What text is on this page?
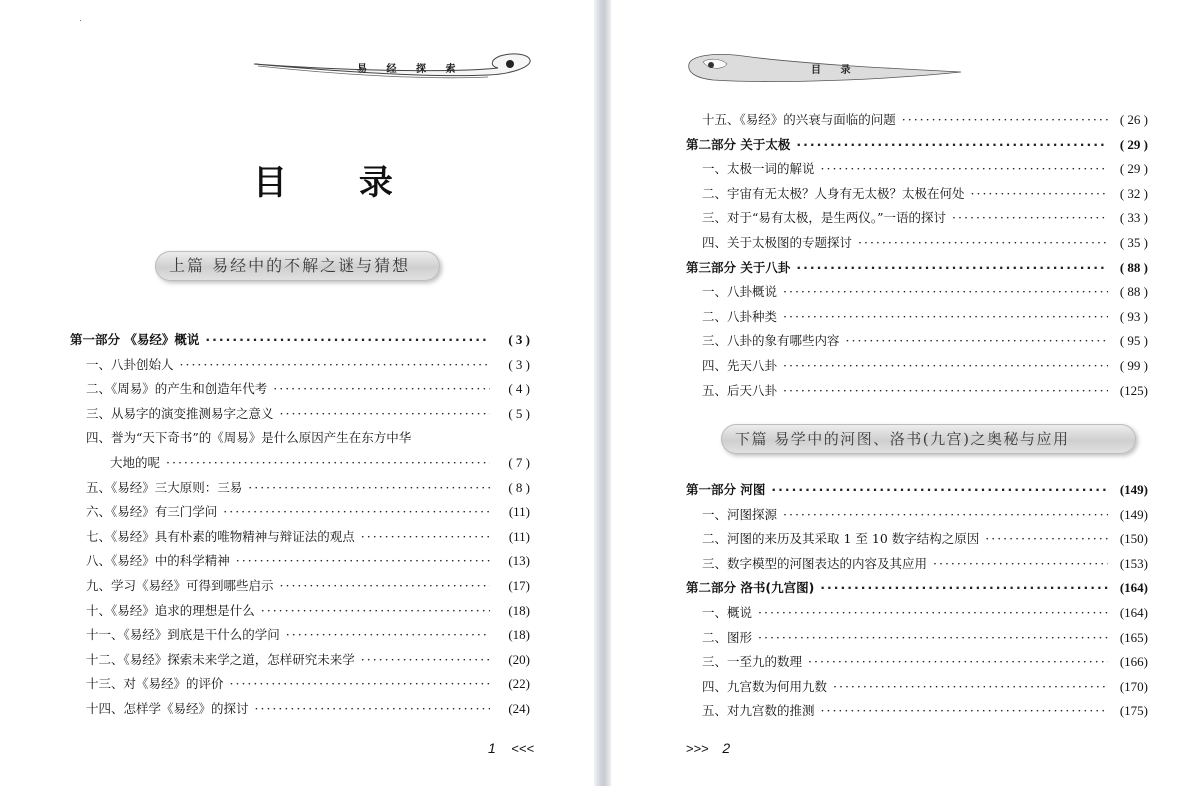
易 经 探 索
目 录
上篇 易经中的不解之谜与猜想
第一部分 《易经》概说 ·····	( 3 )
一、八卦创始人 ·····	( 3 )
二、《周易》的产生和创造年代考 ·····	( 4 )
三、从易字的演变推测易字之意义 ·····	( 5 )
四、誉为“天下奇书”的《周易》是什么原因产生在东方中华
大地的呢 ·····	( 7 )
五、《易经》三大原则：三易 ·····	( 8 )
六、《易经》有三门学问 ·····	(11)
七、《易经》具有朴素的唯物精神与辩证法的观点 ·····	(11)
八、《易经》中的科学精神 ·····	(13)
九、学习《易经》可得到哪些启示 ·····	(17)
十、《易经》追求的理想是什么 ·····	(18)
十一、《易经》到底是干什么的学问 ·····	(18)
十二、《易经》探索未来学之道，怎样研究未来学 ·····	(20)
十三、对《易经》的评价 ·····	(22)
十四、怎样学《易经》的探讨 ·····	(24)
1 <<<
目 录
十五、《易经》的兴衰与面临的问题 ·····	( 26 )
第二部分 关于太极 ·····	( 29 )
一、太极一词的解说 ·····	( 29 )
二、宇宙有无太极？人身有无太极？太极在何处 ·····	( 32 )
三、对于“易有太极，是生两仪。”一语的探讨 ·····	( 33 )
四、关于太极图的专题探讨 ·····	( 35 )
第三部分 关于八卦 ·····	( 88 )
一、八卦概说 ·····	( 88 )
二、八卦种类 ·····	( 93 )
三、八卦的象有哪些内容 ·····	( 95 )
四、先天八卦 ·····	( 99 )
五、后天八卦 ·····	(125)
下篇 易学中的河图、洛书(九宫)之奥秘与应用
第一部分 河图 ·····	(149)
一、河图探源 ·····	(149)
二、河图的来历及其采取 1 至 10 数字结构之原因 ·····	(150)
三、数字模型的河图表达的内容及其应用 ·····	(153)
第二部分 洛书(九宫图) ·····	(164)
一、概说 ·····	(164)
二、图形 ·····	(165)
三、一至九的数理 ·····	(166)
四、九宫数为何用九数 ·····	(170)
五、对九宫数的推测 ·····	(175)
>>> 2
